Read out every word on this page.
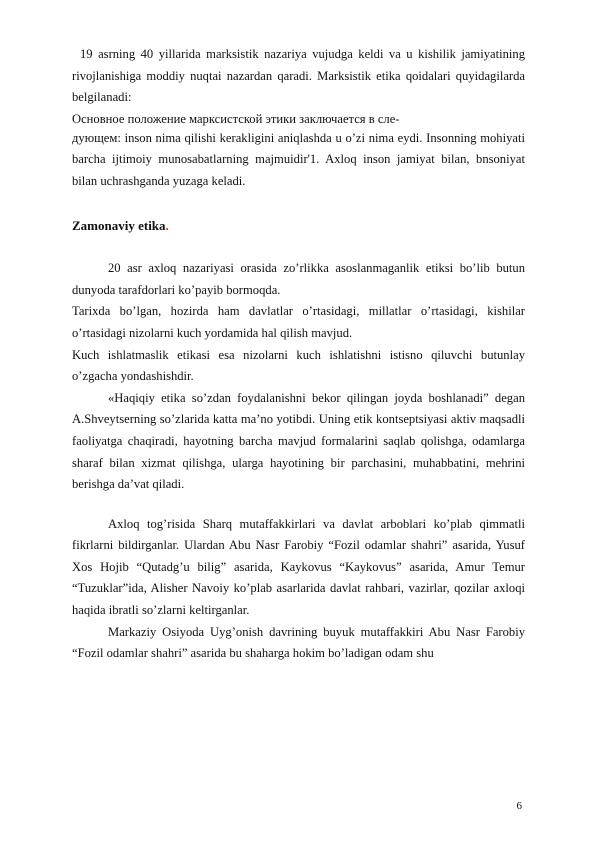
19 asrning 40 yillarida marksistik nazariya vujudga keldi va u kishilik jamiyatining rivojlanishiga moddiy nuqtai nazardan qaradi. Marksistik etika qoidalari quyidagilarda belgilanadi:

Основное положение марксистской этики заключается в сле-

дующем: inson nima qilishi kerakligini aniqlashda u o’zi nima eydi. Insonning mohiyati barcha ijtimoiy munosabatlarning majmuidir'1. Axloq inson jamiyat bilan, bnsoniyat bilan uchrashganda yuzaga keladi.

Zamonaviy etika.

20 asr axloq nazariyasi orasida zo’rlikka asoslanmaganlik etiksi bo’lib butun dunyoda tarafdorlari ko’payib bormoqda.

Tarixda bo’lgan, hozirda ham davlatlar o’rtasidagi, millatlar o’rtasidagi, kishilar o’rtasidagi nizolarni kuch yordamida hal qilish mavjud.

Kuch ishlatmaslik etikasi esa nizolarni kuch ishlatishni istisno qiluvchi butunlay o’zgacha yondashishdir.

«Haqiqiy etika so’zdan foydalanishni bekor qilingan joyda boshlanadi” degan A.Shveytserning so’zlarida katta ma’no yotibdi. Uning etik kontseptsiyasi aktiv maqsadli faoliyatga chaqiradi, hayotning barcha mavjud formalarini saqlab qolishga, odamlarga sharaf bilan xizmat qilishga, ularga hayotining bir parchasini, muhabbatini, mehrini berishga da’vat qiladi.

Axloq tog’risida Sharq mutaffakkirlari va davlat arboblari ko’plab qimmatli fikrlarni bildirganlar. Ulardan Abu Nasr Farobiy “Fozil odamlar shahri” asarida, Yusuf Xos Hojib “Qutadg’u bilig” asarida, Kaykovus “Kaykovus” asarida, Amur Temur “Tuzuklar”ida, Alisher Navoiy ko’plab asarlarida davlat rahbari, vazirlar, qozilar axloqi haqida ibratli so’zlarni keltirganlar.

Markaziy Osiyoda Uyg’onish davrining buyuk mutaffakkiri Abu Nasr Farobiy “Fozil odamlar shahri” asarida bu shaharga hokim bo’ladigan odam shu

6
